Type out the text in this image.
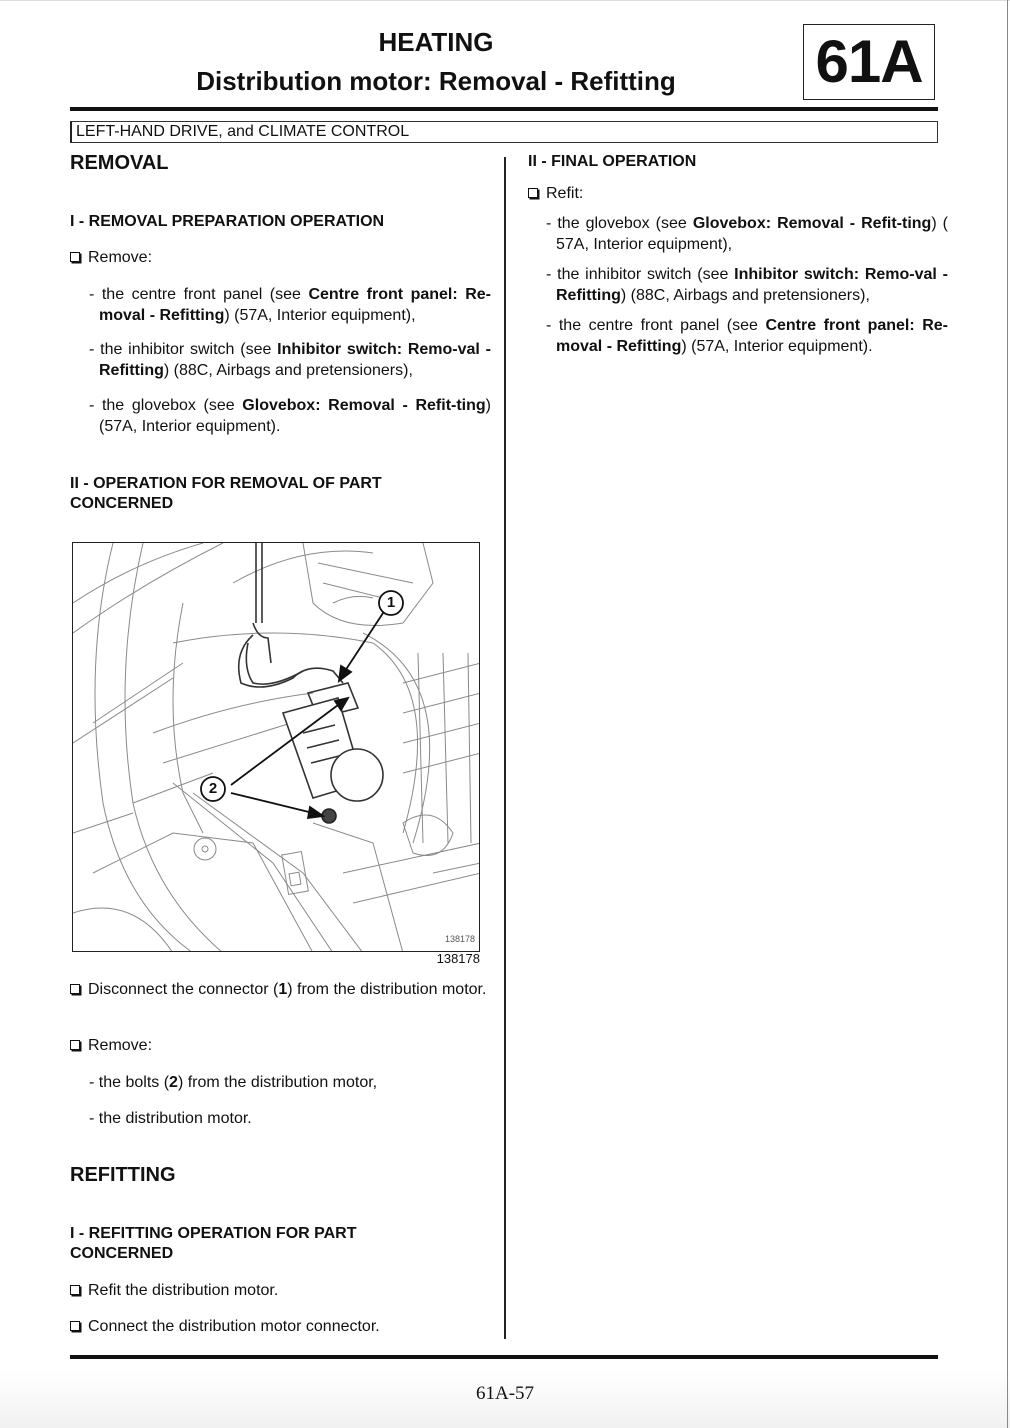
HEATING
Distribution motor: Removal - Refitting	61A
LEFT-HAND DRIVE, and CLIMATE CONTROL
REMOVAL
I - REMOVAL PREPARATION OPERATION
Remove:
- the centre front panel (see Centre front panel: Re-moval - Refitting) (57A, Interior equipment),
- the inhibitor switch (see Inhibitor switch: Remo-val - Refitting) (88C, Airbags and pretensioners),
- the glovebox (see Glovebox: Removal - Refit-ting) (57A, Interior equipment).
II - OPERATION FOR REMOVAL OF PART
CONCERNED
1
2
138178
138178
Disconnect the connector (1) from the distribution motor.
Remove:
- the bolts (2) from the distribution motor,
- the distribution motor.
REFITTING
I - REFITTING OPERATION FOR PART
CONCERNED
Refit the distribution motor.
Connect the distribution motor connector.
II - FINAL OPERATION
Refit:
- the glovebox (see Glovebox: Removal - Refit-ting) ( 57A, Interior equipment),
- the inhibitor switch (see Inhibitor switch: Remo-val - Refitting) (88C, Airbags and pretensioners),
- the centre front panel (see Centre front panel: Re-moval - Refitting) (57A, Interior equipment).
61A-57
